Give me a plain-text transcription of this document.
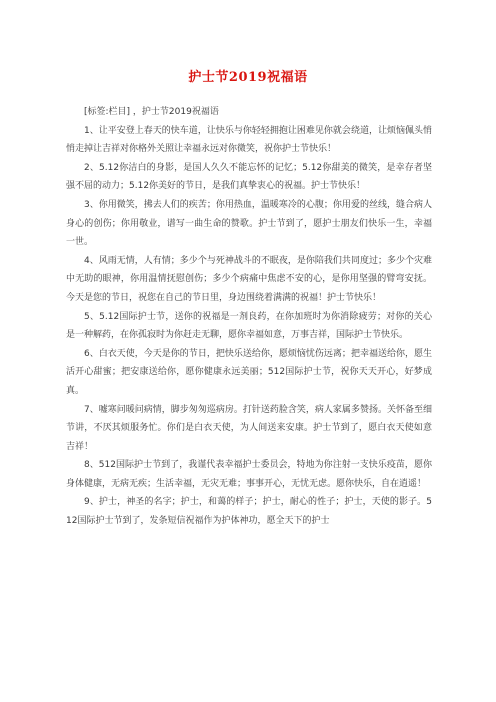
护士节2019祝福语

[标签:栏目] ，护士节2019祝福语

1、让平安登上春天的快车道，让快乐与你轻轻拥抱让困难见你就会绕道，让烦恼佩头悄悄走掉让吉祥对你格外关照让幸福永远对你微笑，祝你护士节快乐！

2、5.12你洁白的身影，是国人久久不能忘怀的记忆；5.12你甜美的微笑，是幸存者坚强不屈的动力；5.12你美好的节日，是我们真挚衷心的祝福。护士节快乐！

3、你用微笑，拂去人们的疾苦；你用热血，温暖寒冷的心腹；你用爱的丝线，缝合病人身心的创伤；你用敬业，谱写一曲生命的赞歌。护士节到了，愿护士朋友们快乐一生，幸福一世。

4、风雨无情，人有情；多少个与死神战斗的不眠夜，是你陪我们共同度过；多少个灾难中无助的眼神，你用温情抚慰创伤；多少个病痛中焦虑不安的心，是你用坚强的臂弯安抚。今天是您的节日，祝您在自己的节日里，身边围绕着满满的祝福！护士节快乐！

5、5.12国际护士节，送你的祝福是一剂良药，在你加班时为你消除疲劳；对你的关心是一种解药，在你孤寂时为你赶走无聊，愿你幸福如意，万事吉祥，国际护士节快乐。

6、白衣天使，今天是你的节日，把快乐送给你，愿烦恼忧伤远离；把幸福送给你，愿生活开心甜蜜；把安康送给你，愿你健康永远美丽；512国际护士节，祝你天天开心，好梦成真。

7、嘘寒问暖问病情，脚步匆匆巡病房。打针送药脸含笑，病人家属多赞扬。关怀备至细节讲，不厌其烦服务忙。你们是白衣天使，为人间送来安康。护士节到了，愿白衣天使如意吉祥！

8、512国际护士节到了，我谨代表幸福护士委员会，特地为你注射一支快乐疫苗，愿你身体健康，无病无疾；生活幸福，无灾无难；事事开心，无忧无虑。愿你快乐，自在逍遥！

9、护士，神圣的名字；护士，和蔼的样子；护士，耐心的性子；护士，天使的影子。512国际护士节到了，发条短信祝福作为护体神功，愿全天下的护士
